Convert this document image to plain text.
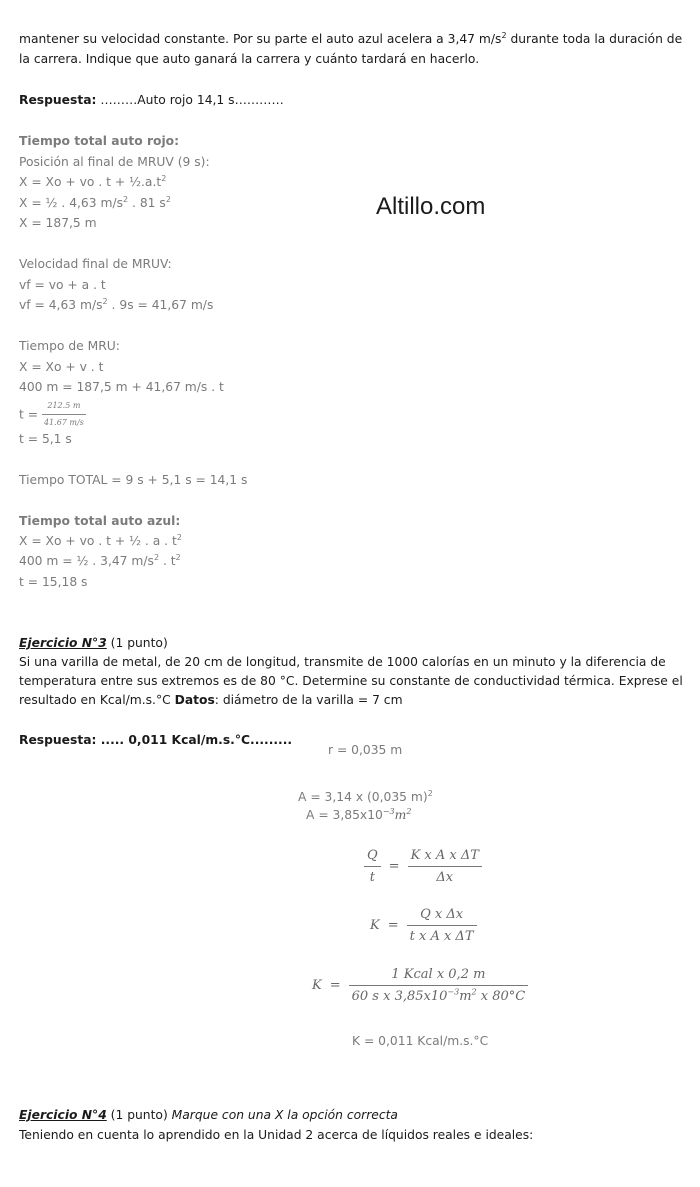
mantener su velocidad constante. Por su parte el auto azul acelera a 3,47 $m/s^2$ durante toda la duración de
la carrera. Indique que auto ganará la carrera y cuánto tardará en hacerlo.
Respuesta: ………Auto rojo 14,1 s…………
Altillo.com
Tiempo total auto rojo:
Posición al final de MRUV (9 s):
X = Xo + vo . $t + \frac{1}{2}.a.t^2$
X = ½ . 4,63 $m/s^2$ . 81 $s^2$
X = 187,5 m
Velocidad final de MRUV:
vf = vo + a . t
vf = 4,63 $m/s^2$ . 9s = 41,67 m/s
Tiempo de MRU:
X = Xo + v . t
400 m = 187,5 m + 41,67 m/s . t
$t = \frac{212.5 m}{41.67 m/s}$
t = 5,1 s
Tiempo TOTAL = 9 s + 5,1 s = 14,1 s
Tiempo total auto azul:
X = Xo + vo . t + ½ . a . $t^2$
400 m = ½ . 3,47 $m/s^2$ . $t^2$
t = 15,18 s
Ejercicio N°3 (1 punto)
Si una varilla de metal, de 20 cm de longitud, transmite de 1000 calorías en un minuto y la diferencia de
temperatura entre sus extremos es de 80 °C. Determine su constante de conductividad térmica. Exprese el
resultado en Kcal/m.s.°C Datos: diámetro de la varilla = 7 cm
Respuesta: ..... 0,011 Kcal/m.s.°C.........
r = 0,035 m
A = 3,14 x (0,035 m)$^2$
$A = 3,85x10^{-3}m^2$
$\frac{Q}{t} = \frac{\text{K x A x ΔT}}{\Delta x}$
$K = \frac{\text{Q x Δx}}{\text{t x A x ΔT}}$
$K = \frac{\text{1 Kcal x 0,2 m}}{60 s x 3,85x10^{-3}m^2 x 80^\circ C}$
K = 0,011 Kcal/m.s.°C
Ejercicio N°4 (1 punto) Marque con una X la opción correcta
Teniendo en cuenta lo aprendido en la Unidad 2 acerca de líquidos reales e ideales:
